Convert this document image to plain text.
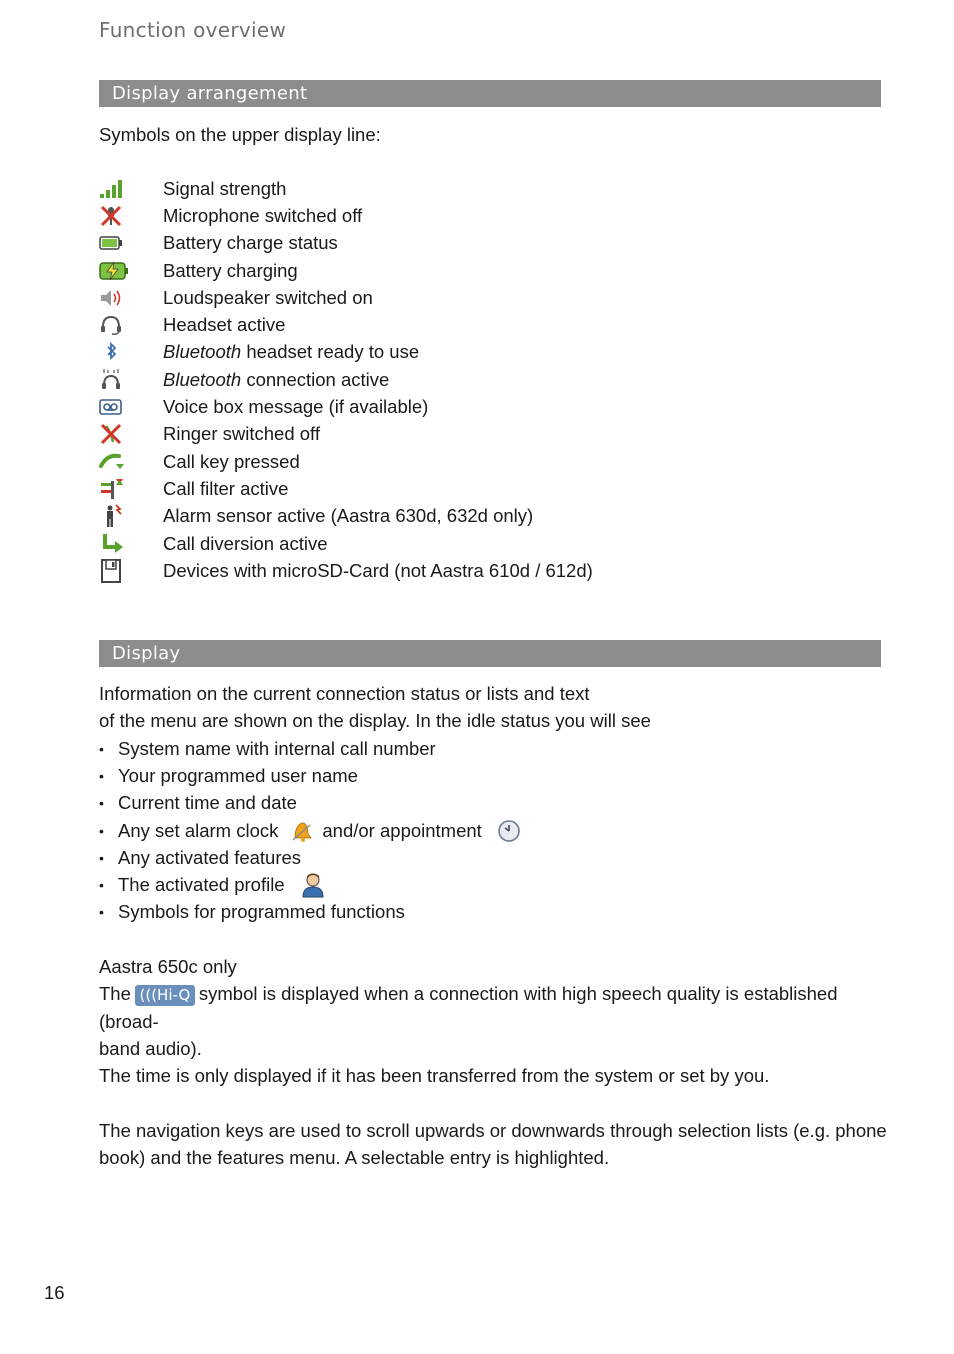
Function overview
Display arrangement
Symbols on the upper display line:
Signal strength
Microphone switched off
Battery charge status
Battery charging
Loudspeaker switched on
Headset active
Bluetooth headset ready to use
Bluetooth connection active
Voice box message (if available)
Ringer switched off
Call key pressed
Call filter active
Alarm sensor active (Aastra 630d, 632d only)
Call diversion active
Devices with microSD-Card (not Aastra 610d / 612d)
Display
Information on the current connection status or lists and text
of the menu are shown on the display. In the idle status you will see
• System name with internal call number
• Your programmed user name
• Current time and date
• Any set alarm clock and/or appointment
• Any activated features
• The activated profile
• Symbols for programmed functions
Aastra 650c only
The (((Hi-Q symbol is displayed when a connection with high speech quality is established (broad-
band audio).
The time is only displayed if it has been transferred from the system or set by you.
The navigation keys are used to scroll upwards or downwards through selection lists (e.g. phone
book) and the features menu. A selectable entry is highlighted.
16
